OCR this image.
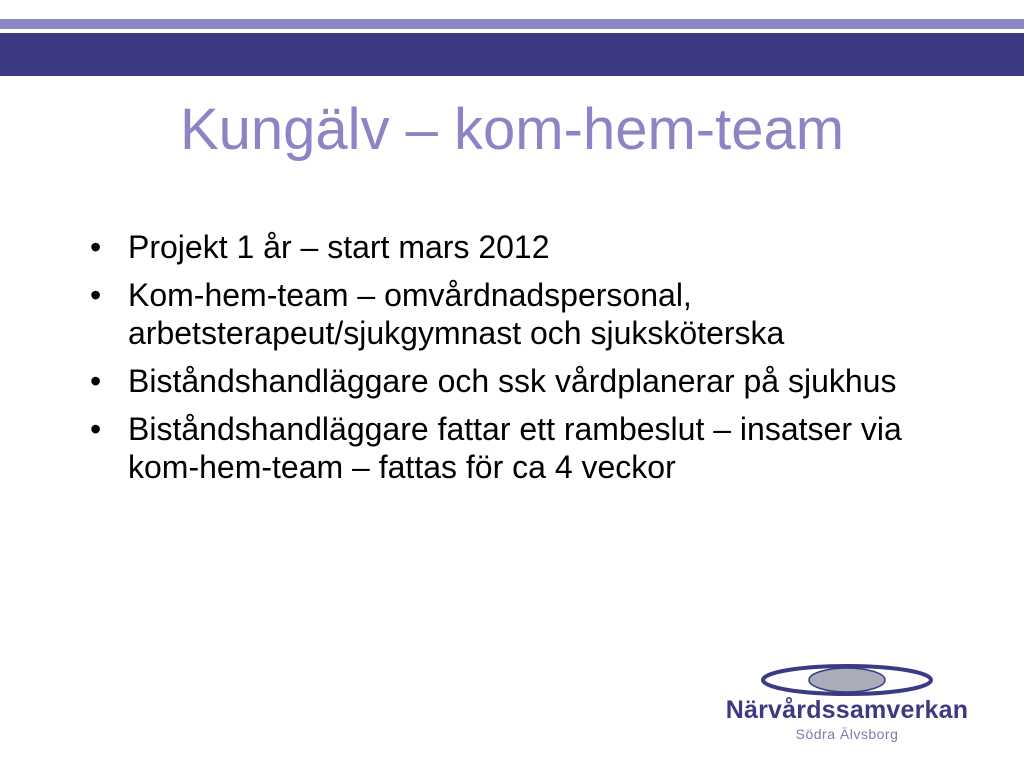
Kungälv – kom-hem-team
• Projekt 1 år – start mars 2012
• Kom-hem-team – omvårdnadspersonal, arbetsterapeut/sjukgymnast och sjuksköterska
• Biståndshandläggare och ssk vårdplanerar på sjukhus
• Biståndshandläggare fattar ett rambeslut – insatser via kom-hem-team – fattas för ca 4 veckor
Närvårdssamverkan
Södra Älvsborg
